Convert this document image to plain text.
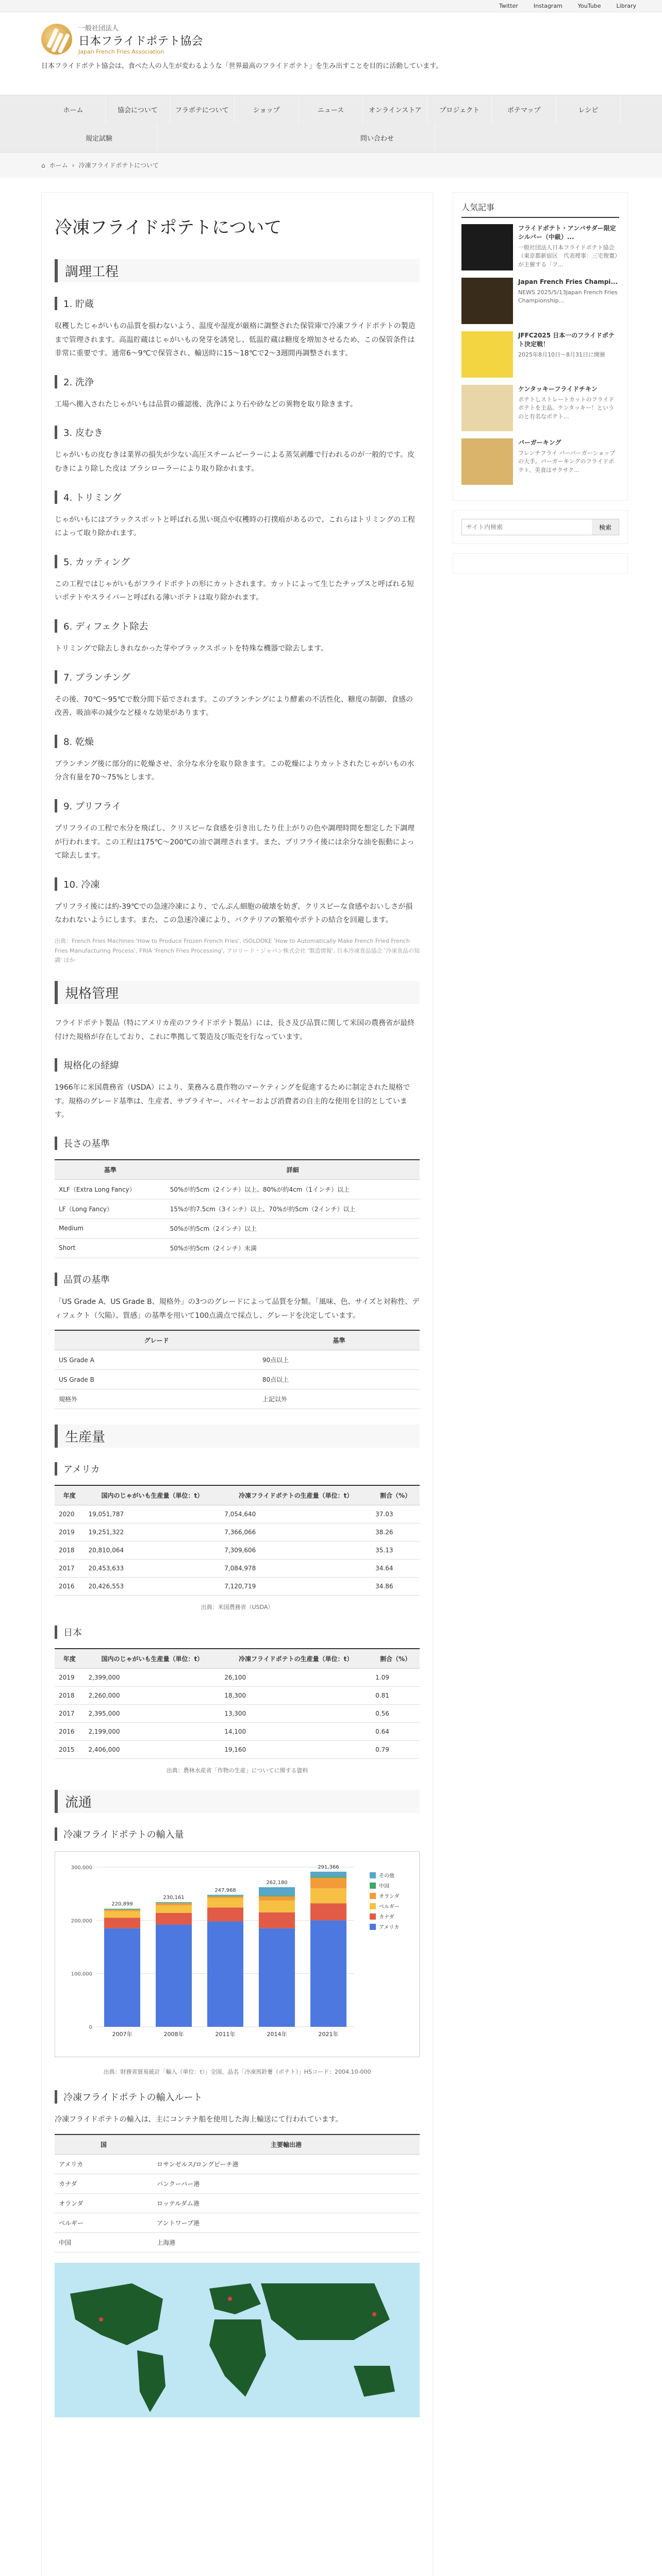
Twitter	Instagram	YouTube	Library
一般社団法人
日本フライドポテト協会
Japan French Fries Association
日本フライドポテト協会は、食べた人の人生が変わるような「世界最高のフライドポテト」を生み出すことを目的に活動しています。
ホーム	協会について	フラポテについて	ショップ	ニュース	オンラインストア	プロジェクト	ポテマップ	レシピ
規定試験	問い合わせ
⌂ ホーム › 冷凍フライドポテトについて
冷凍フライドポテトについて
調理工程
1. 貯蔵

収穫したじゃがいもの品質を損わないよう、温度や湿度が厳格に調整された保管庫で冷凍フライドポテトの製造まで管理されます。高温貯蔵はじゃがいもの発芽を誘発し、低温貯蔵は糖度を増加させるため、この保管条件は非常に重要です。通常6〜9℃で保管され、輸送時に15〜18℃で2〜3週間再調整されます。

2. 洗浄

工場へ搬入されたじゃがいもは品質の確認後、洗浄により石や砂などの異物を取り除きます。

3. 皮むき

じゃがいもの皮むきは業界の損失が少ない高圧スチームピーラーによる蒸気剥離で行われるのが一般的です。皮むきにより除した皮は ブラシローラーにより取り除かれます。

4. トリミング

じゃがいもにはブラックスポットと呼ばれる黒い斑点や収穫時の打撲痕があるので、これらはトリミングの工程によって取り除かれます。

5. カッティング

この工程ではじゃがいもがフライドポテトの形にカットされます。カットによって生じたチップスと呼ばれる短いポテトやスライバーと呼ばれる薄いポテトは取り除かれます。

6. ディフェクト除去

トリミングで除去しきれなかった芽やブラックスポットを特殊な機器で除去します。

7. ブランチング

その後、70℃〜95℃で数分間下茹でされます。このブランチングにより酵素の不活性化、糖度の制御、食感の改善、吸油率の減少など様々な効果があります。

8. 乾燥

ブランチング後に部分的に乾燥させ、余分な水分を取り除きます。この乾燥によりカットされたじゃがいもの水分含有量を70〜75%とします。

9. プリフライ

プリフライの工程で水分を飛ばし、クリスピーな食感を引き出したり仕上がりの色や調理時間を想定した下調理が行われます。この工程は175℃〜200℃の油で調理されます。また、プリフライ後には余分な油を振動によって除去します。

10. 冷凍

プリフライ後には約-39℃での急速冷凍により、でんぷん細胞の破壊を妨ぎ、クリスピーな食感やおいしさが損なわれないようにします。また、この急速冷凍により、バクテリアの繁殖やポテトの結合を回避します。

出典：French Fries Machines 'How to Produce Frozen French Fries', ISOLOOKE 'How to Automatically Make French Fried French Fries Manufacturing Process', FRIA 'French Fries Processing', フロリード・ジャパン株式会社 '製造情報', 日本冷凍食品協会 '冷凍食品の知識' ほか

規格管理

フライドポテト製品（特にアメリカ産のフライドポテト製品）には、長さ及び品質に関して米国の農務省が最終付けた規格が存在しており、これに準拠して製造及び販売を行なっています。

規格化の経緯

1966年に米国農務省（USDA）により、業務みる農作物のマーケティングを促進するために制定された規格です。規格のグレード基準は、生産者、サプライヤー、バイヤーおよび消費者の自主的な使用を目的としています。

長さの基準
基準	詳細
XLF（Extra Long Fancy）	50%が約5cm（2インチ）以上、80%が約4cm（1インチ）以上
LF（Long Fancy）	15%が約7.5cm（3インチ）以上、70%が約5cm（2インチ）以上
Medium	50%が約5cm（2インチ）以上
Short	50%が約5cm（2インチ）未満
品質の基準

「US Grade A、US Grade B、規格外」の3つのグレードによって品質を分類。「風味、色、サイズと対称性、ディフェクト（欠陥）、質感」の基準を用いて100点満点で採点し、グレードを決定しています。

グレード	基準
US Grade A	90点以上
US Grade B	80点以上
規格外	上記以外
生産量
アメリカ
年度	国内のじゃがいも生産量（単位：t）	冷凍フライドポテトの生産量（単位：t）	割合（%）
2020	19,051,787	7,054,640	37.03
2019	19,251,322	7,366,066	38.26
2018	20,810,064	7,309,606	35.13
2017	20,453,633	7,084,978	34.64
2016	20,426,553	7,120,719	34.86
出典：米国農務省（USDA）
日本
年度	国内のじゃがいも生産量（単位：t）	冷凍フライドポテトの生産量（単位：t）	割合（%）
2019	2,399,000	26,100	1.09
2018	2,260,000	18,300	0.81
2017	2,395,000	13,300	0.56
2016	2,199,000	14,100	0.64
2015	2,406,000	19,160	0.79
出典：農林水産省「作物の生産」についてに関する資料
流通
冷凍フライドポテトの輸入量
0
100,000
200,000
300,000
220,899
2007年
230,161
2008年
247,968
2011年
262,180
2014年
291,366
2021年
その他
中国
オランダ
ベルギー
カナダ
アメリカ
出典：財務省貿易統計「輸入（単位：t）」全国、品名「冷凍馬鈴薯（ポテト）」HSコード：2004.10-000
冷凍フライドポテトの輸入ルート

冷凍フライドポテトの輸入は、主にコンテナ船を使用した海上輸送にて行われています。

国	主要輸出港
アメリカ	ロサンゼルス/ロングビーチ港
カナダ	バンクーバー港
オランダ	ロッテルダム港
ベルギー	アントワープ港
中国	上海港
人気記事
フライドポテト・アンバサダー限定 シルバー（中級）...
一般社団法人日本フライドポテト協会（東京都新宿区　代表理事：三宅俊寛）が主催する「フ...
Japan French Fries Champi...
NEWS 2025/5/13Japan French Fries Championship...
JFFC2025 日本一のフライドポテト決定戦！
2025年8月10日〜8月31日に開催
ケンタッキーフライドチキン
ポテトしストレートカットのフライドポテトを主品。ケンタッキー！というのと有名なポテト...
バーガーキング
フレンチフライ バーバーガーショップの大手。バーガーキングのフライドポテト、美食はサクサク...
サイト内検索
検索
